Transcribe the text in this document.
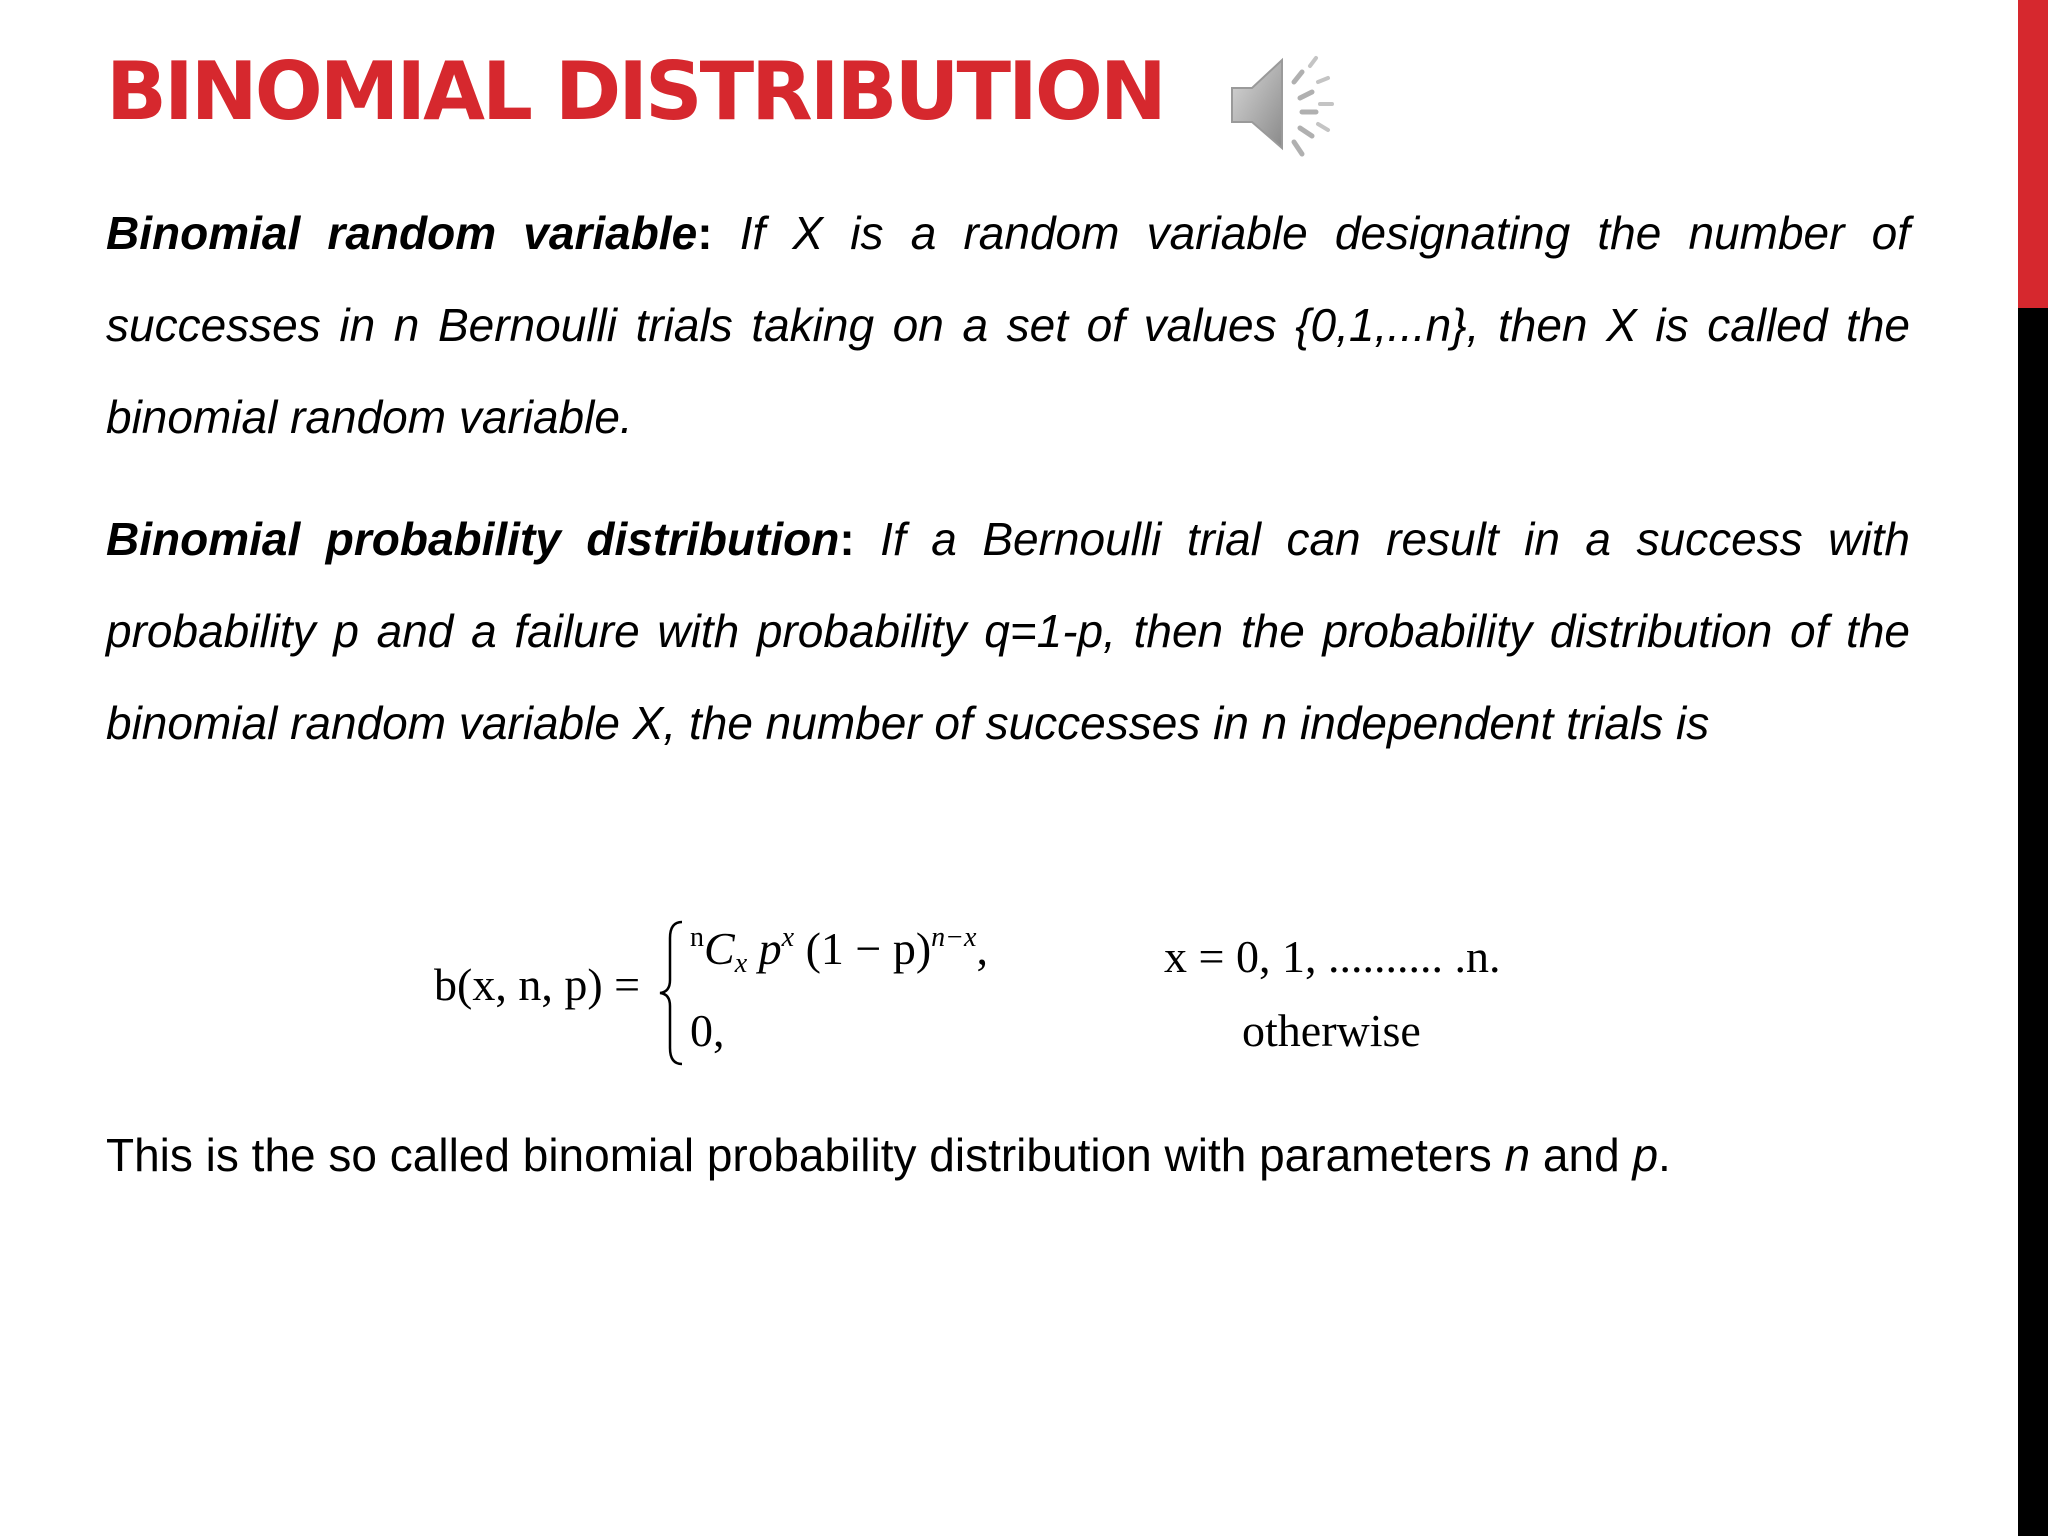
BINOMIAL DISTRIBUTION
Binomial random variable: If X is a random variable designating the number of successes in n Bernoulli trials taking on a set of values {0,1,...n}, then X is called the binomial random variable.
Binomial probability distribution: If a Bernoulli trial can result in a success with probability p and a failure with probability q=1-p, then the probability distribution of the binomial random variable X, the number of successes in n independent trials is
b(x, n, p) =
$^nC_x$ $p^x$ $(1 - p)^{n-x}$,	x = 0, 1, .......... .n.
0,	otherwise
This is the so called binomial probability distribution with parameters n and p.
